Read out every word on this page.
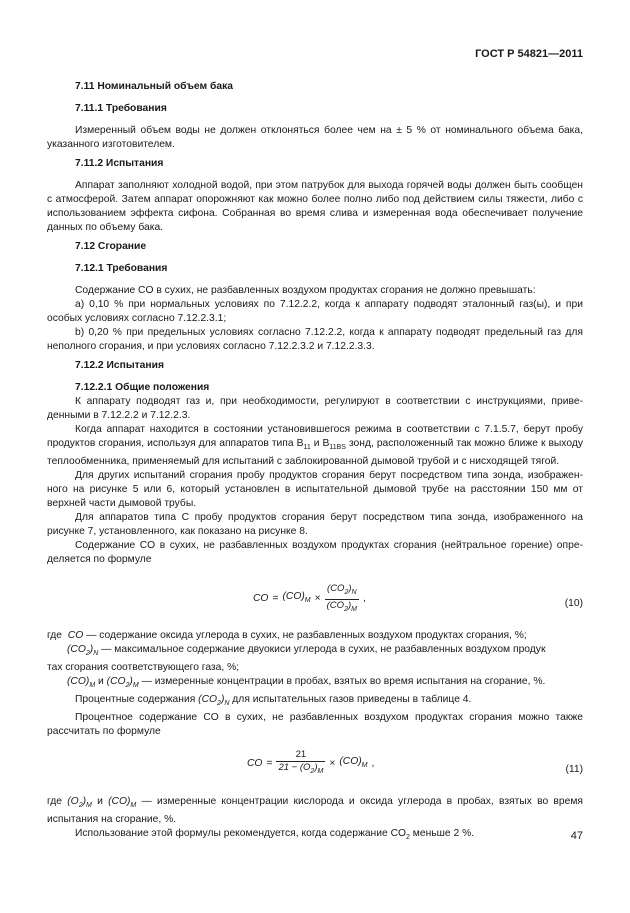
ГОСТ Р 54821—2011

7.11 Номинальный объем бака

7.11.1 Требования

Измеренный объем воды не должен отклоняться более чем на ± 5 % от номинального объема бака, указанного изготовителем.

7.11.2 Испытания

Аппарат заполняют холодной водой, при этом патрубок для выхода горячей воды должен быть сообщен с атмосферой. Затем аппарат опорожняют как можно более полно либо под действием силы тяжести, либо с использованием эффекта сифона. Собранная во время слива и измеренная вода обеспечивает получение данных по объему бака.

7.12 Сгорание

7.12.1 Требования

Содержание CO в сухих, не разбавленных воздухом продуктах сгорания не должно превышать:

а) 0,10 % при нормальных условиях по 7.12.2.2, когда к аппарату подводят эталонный газ(ы), и при особых условиях согласно 7.12.2.3.1;

b) 0,20 % при предельных условиях согласно 7.12.2.2, когда к аппарату подводят предельный газ для неполного сгорания, и при условиях согласно 7.12.2.3.2 и 7.12.2.3.3.

7.12.2 Испытания

7.12.2.1 Общие положения

К аппарату подводят газ и, при необходимости, регулируют в соответствии с инструкциями, приведенными в 7.12.2.2 и 7.12.2.3.

Когда аппарат находится в состоянии установившегося режима в соответствии с 7.1.5.7, берут пробу продуктов сгорания, используя для аппаратов типа $B_{11}$ и $B_{11BS}$ зонд, расположенный так можно ближе к выходу теплообменника, применяемый для испытаний с заблокированной дымовой трубой и с нисходящей тягой.

Для других испытаний сгорания пробу продуктов сгорания берут посредством типа зонда, изображенного на рисунке 5 или 6, который установлен в испытательной дымовой трубе на расстоянии 150 мм от верхней части дымовой трубы.

Для аппаратов типа C пробу продуктов сгорания берут посредством типа зонда, изображенного на рисунке 7, установленного, как показано на рисунке 8.

Содержание CO в сухих, не разбавленных воздухом продуктах сгорания (нейтральное горение) определяется по формуле

CO = $(CO)_M \times \frac{(CO_2)_N}{(CO_2)_M}$ ,	(10)

где CO — содержание оксида углерода в сухих, не разбавленных воздухом продуктах сгорания, %;

$(CO_2)_N$ — максимальное содержание двуокиси углерода в сухих, не разбавленных воздухом продук

тах сгорания соответствующего газа, %;

$(CO)_M$ и $(CO_2)_M$ — измеренные концентрации в пробах, взятых во время испытания на сгорание, %.

Процентные содержания $(CO_2)_N$ для испытательных газов приведены в таблице 4.

Процентное содержание CO в сухих, не разбавленных воздухом продуктах сгорания можно также рассчитать по формуле

CO = $\frac{21}{21 - (O_2)_M} \times (CO)_M$ ,
(11)

где $(O_2)_M$ и $(CO)_M$ — измеренные концентрации кислорода и оксида углерода в пробах, взятых во время испытания на сгорание, %.

Использование этой формулы рекомендуется, когда содержание $CO_2$ меньше 2 %.	47
